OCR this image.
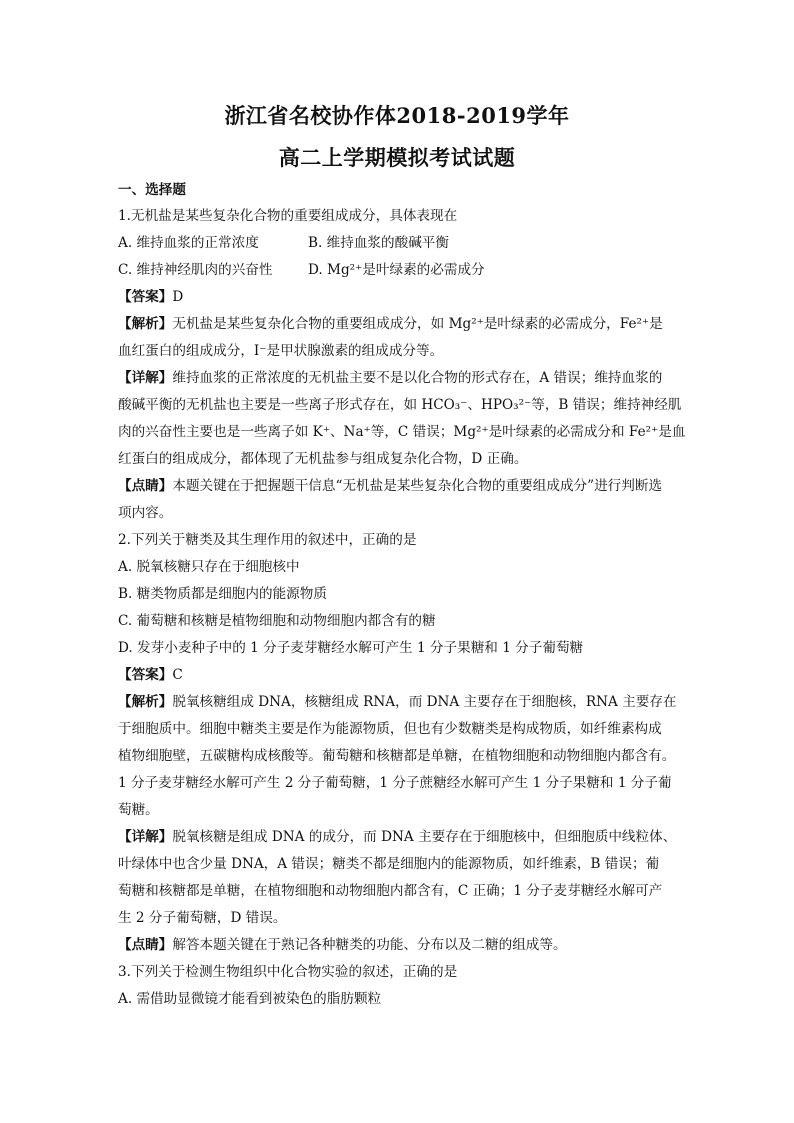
浙江省名校协作体2018-2019学年
高二上学期模拟考试试题
一、选择题
1.无机盐是某些复杂化合物的重要组成成分，具体表现在
A. 维持血浆的正常浓度	B. 维持血浆的酸碱平衡
C. 维持神经肌肉的兴奋性	D. Mg²⁺是叶绿素的必需成分
【答案】D
【解析】无机盐是某些复杂化合物的重要组成成分，如 Mg²⁺是叶绿素的必需成分，Fe²⁺是
血红蛋白的组成成分，I⁻是甲状腺激素的组成成分等。
【详解】维持血浆的正常浓度的无机盐主要不是以化合物的形式存在，A 错误；维持血浆的
酸碱平衡的无机盐也主要是一些离子形式存在，如 HCO₃⁻、HPO₃²⁻等，B 错误；维持神经肌
肉的兴奋性主要也是一些离子如 K⁺、Na⁺等，C 错误；Mg²⁺是叶绿素的必需成分和 Fe²⁺是血
红蛋白的组成成分，都体现了无机盐参与组成复杂化合物，D 正确。
【点睛】本题关键在于把握题干信息“无机盐是某些复杂化合物的重要组成成分”进行判断选
项内容。
2.下列关于糖类及其生理作用的叙述中，正确的是
A. 脱氧核糖只存在于细胞核中
B. 糖类物质都是细胞内的能源物质
C. 葡萄糖和核糖是植物细胞和动物细胞内都含有的糖
D. 发芽小麦种子中的 1 分子麦芽糖经水解可产生 1 分子果糖和 1 分子葡萄糖
【答案】C
【解析】脱氧核糖组成 DNA，核糖组成 RNA，而 DNA 主要存在于细胞核，RNA 主要存在
于细胞质中。细胞中糖类主要是作为能源物质，但也有少数糖类是构成物质，如纤维素构成
植物细胞壁，五碳糖构成核酸等。葡萄糖和核糖都是单糖，在植物细胞和动物细胞内都含有。
1 分子麦芽糖经水解可产生 2 分子葡萄糖，1 分子蔗糖经水解可产生 1 分子果糖和 1 分子葡
萄糖。
【详解】脱氧核糖是组成 DNA 的成分，而 DNA 主要存在于细胞核中，但细胞质中线粒体、
叶绿体中也含少量 DNA，A 错误；糖类不都是细胞内的能源物质，如纤维素，B 错误；葡
萄糖和核糖都是单糖，在植物细胞和动物细胞内都含有，C 正确；1 分子麦芽糖经水解可产
生 2 分子葡萄糖，D 错误。
【点睛】解答本题关键在于熟记各种糖类的功能、分布以及二糖的组成等。
3.下列关于检测生物组织中化合物实验的叙述，正确的是
A. 需借助显微镜才能看到被染色的脂肪颗粒
